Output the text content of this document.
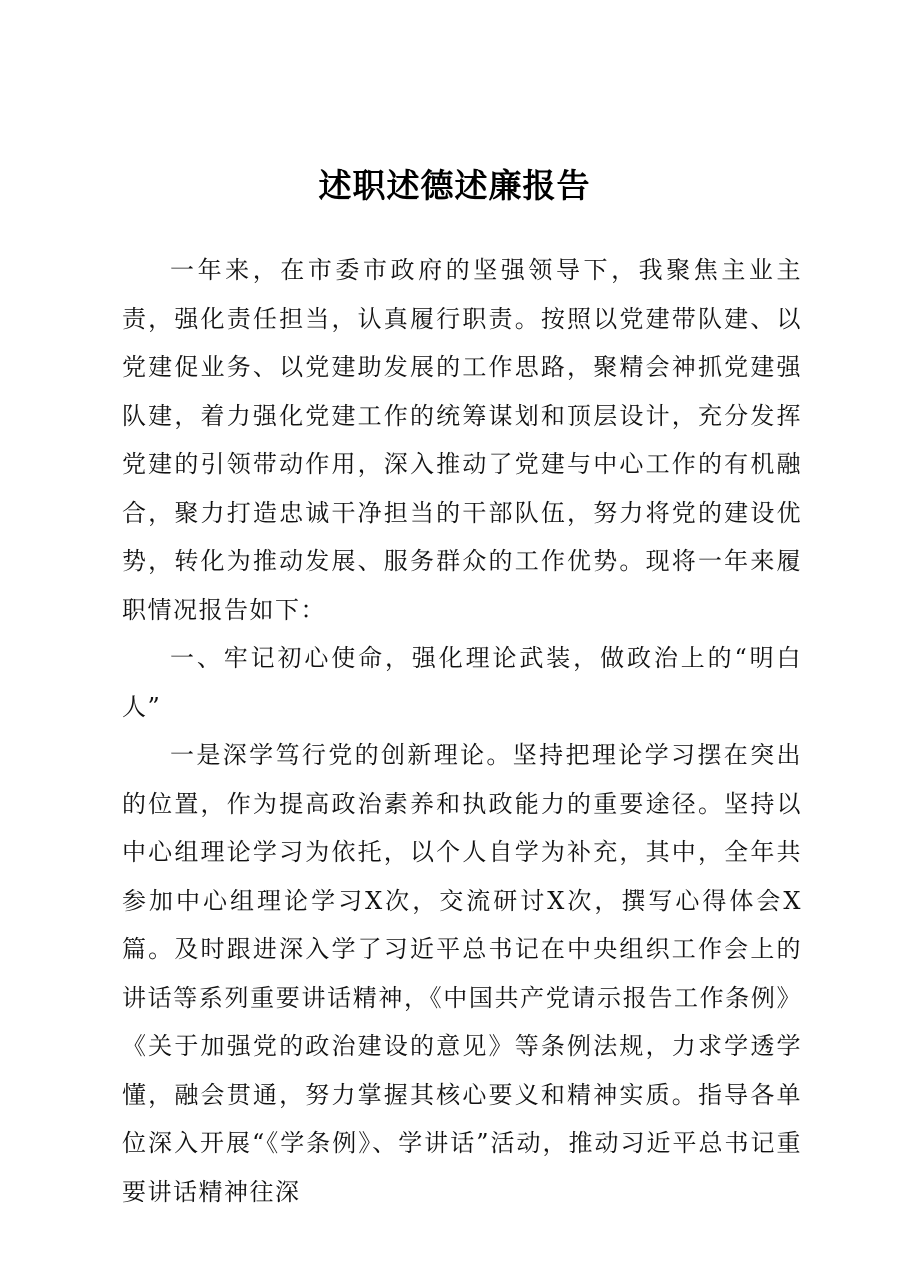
述职述德述廉报告

一年来，在市委市政府的坚强领导下，我聚焦主业主责，强化责任担当，认真履行职责。按照以党建带队建、以党建促业务、以党建助发展的工作思路，聚精会神抓党建强队建，着力强化党建工作的统筹谋划和顶层设计，充分发挥党建的引领带动作用，深入推动了党建与中心工作的有机融合，聚力打造忠诚干净担当的干部队伍，努力将党的建设优势，转化为推动发展、服务群众的工作优势。现将一年来履职情况报告如下：

一、牢记初心使命，强化理论武装，做政治上的“明白人”

一是深学笃行党的创新理论。坚持把理论学习摆在突出的位置，作为提高政治素养和执政能力的重要途径。坚持以中心组理论学习为依托，以个人自学为补充，其中，全年共参加中心组理论学习X次，交流研讨X次，撰写心得体会X篇。及时跟进深入学了习近平总书记在中央组织工作会上的讲话等系列重要讲话精神，《中国共产党请示报告工作条例》《关于加强党的政治建设的意见》等条例法规，力求学透学懂，融会贯通，努力掌握其核心要义和精神实质。指导各单位深入开展“《学条例》、学讲话”活动，推动习近平总书记重要讲话精神往深
